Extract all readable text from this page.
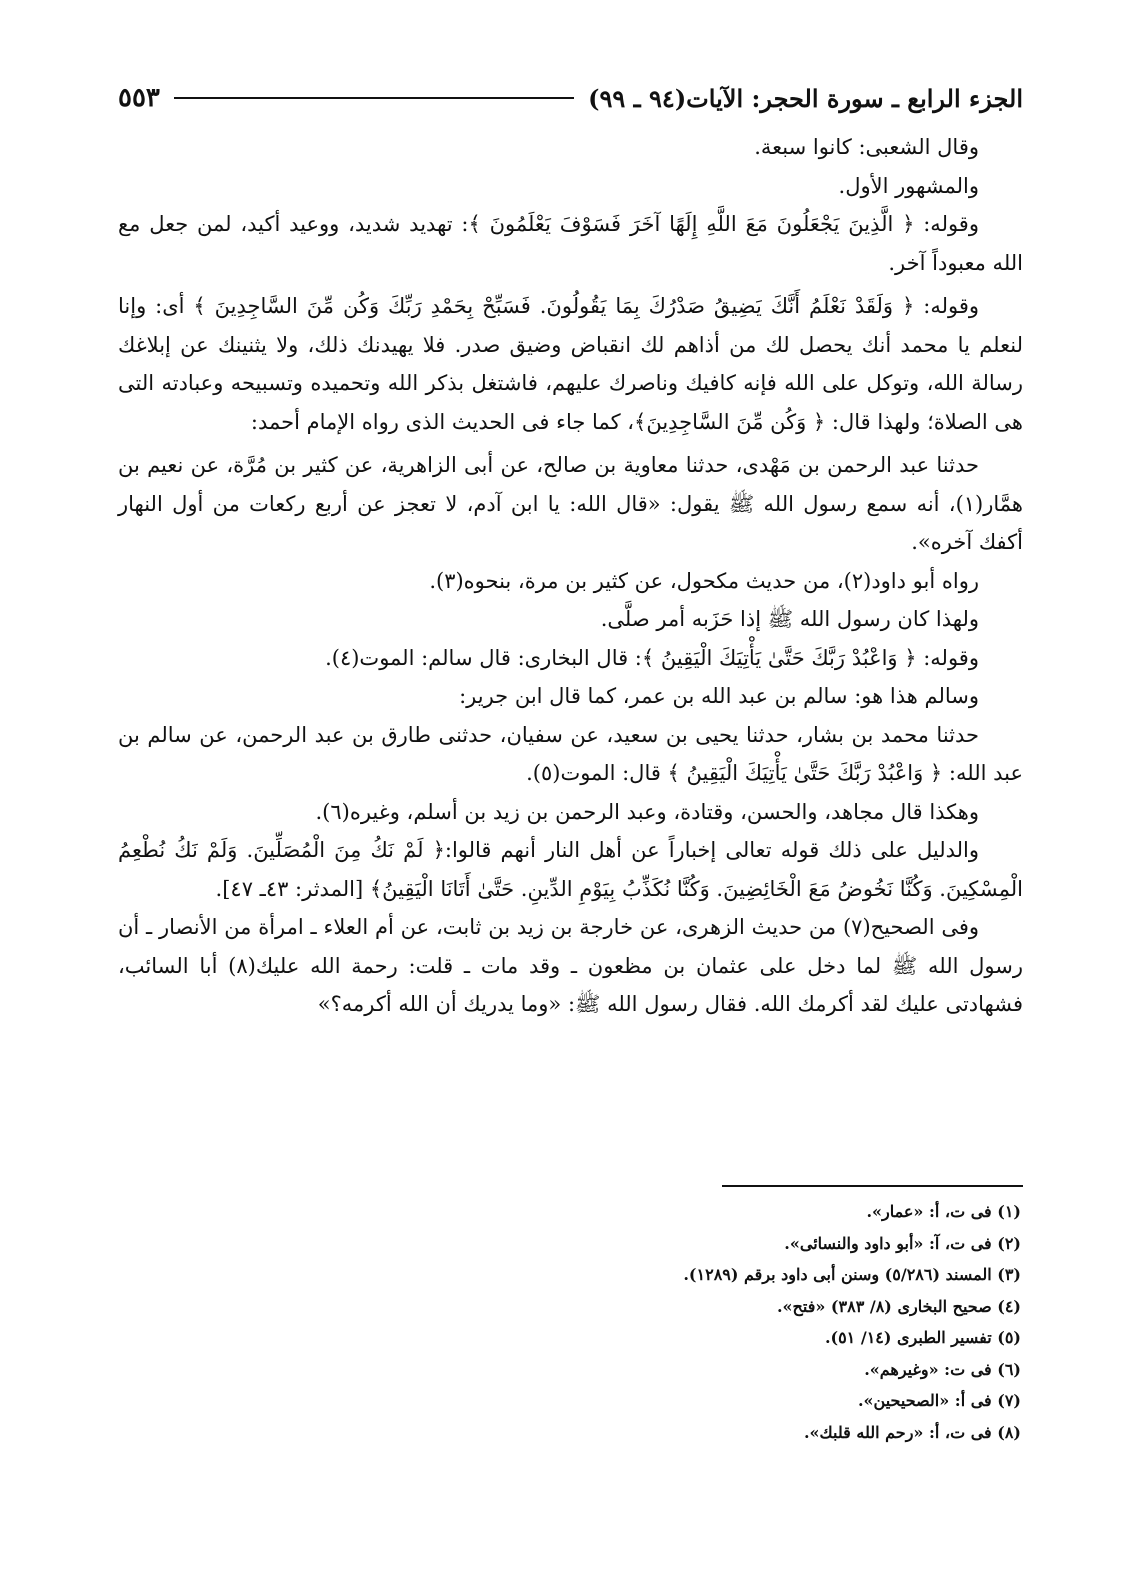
الجزء الرابع ـ سورة الحجر: الآيات(٩٤ ـ ٩٩)
٥٥٣

وقال الشعبى: كانوا سبعة.

والمشهور الأول.

وقوله: ﴿ الَّذِينَ يَجْعَلُونَ مَعَ اللَّهِ إِلَهًا آخَرَ فَسَوْفَ يَعْلَمُونَ ﴾: تهديد شديد، ووعيد أكيد، لمن جعل مع الله معبوداً آخر.

وقوله: ﴿ وَلَقَدْ نَعْلَمُ أَنَّكَ يَضِيقُ صَدْرُكَ بِمَا يَقُولُونَ. فَسَبِّحْ بِحَمْدِ رَبِّكَ وَكُن مِّنَ السَّاجِدِينَ ﴾ أى: وإنا لنعلم يا محمد أنك يحصل لك من أذاهم لك انقباض وضيق صدر. فلا يهيدنك ذلك، ولا يثنينك عن إبلاغك رسالة الله، وتوكل على الله فإنه كافيك وناصرك عليهم، فاشتغل بذكر الله وتحميده وتسبيحه وعبادته التى هى الصلاة؛ ولهذا قال: ﴿ وَكُن مِّنَ السَّاجِدِينَ﴾، كما جاء فى الحديث الذى رواه الإمام أحمد:

حدثنا عبد الرحمن بن مَهْدى، حدثنا معاوية بن صالح، عن أبى الزاهرية، عن كثير بن مُرَّة، عن نعيم بن همَّار(١)، أنه سمع رسول الله ﷺ يقول: «قال الله: يا ابن آدم، لا تعجز عن أربع ركعات من أول النهار أكفك آخره».

رواه أبو داود(٢)، من حديث مكحول، عن كثير بن مرة، بنحوه(٣).

ولهذا كان رسول الله ﷺ إذا حَزَبه أمر صلَّى.

وقوله: ﴿ وَاعْبُدْ رَبَّكَ حَتَّىٰ يَأْتِيَكَ الْيَقِينُ ﴾: قال البخارى: قال سالم: الموت(٤).

وسالم هذا هو: سالم بن عبد الله بن عمر، كما قال ابن جرير:

حدثنا محمد بن بشار، حدثنا يحيى بن سعيد، عن سفيان، حدثنى طارق بن عبد الرحمن، عن سالم بن عبد الله: ﴿ وَاعْبُدْ رَبَّكَ حَتَّىٰ يَأْتِيَكَ الْيَقِينُ ﴾ قال: الموت(٥).

وهكذا قال مجاهد، والحسن، وقتادة، وعبد الرحمن بن زيد بن أسلم، وغيره(٦).

والدليل على ذلك قوله تعالى إخباراً عن أهل النار أنهم قالوا:﴿ لَمْ نَكُ مِنَ الْمُصَلِّينَ. وَلَمْ نَكُ نُطْعِمُ الْمِسْكِينَ. وَكُنَّا نَخُوضُ مَعَ الْخَائِضِينَ. وَكُنَّا نُكَذِّبُ بِيَوْمِ الدِّينِ. حَتَّىٰ أَتَانَا الْيَقِينُ﴾ [المدثر: ٤٣ـ ٤٧].

وفى الصحيح(٧) من حديث الزهرى، عن خارجة بن زيد بن ثابت، عن أم العلاء ـ امرأة من الأنصار ـ أن رسول الله ﷺ لما دخل على عثمان بن مظعون ـ وقد مات ـ قلت: رحمة الله عليك(٨) أبا السائب، فشهادتى عليك لقد أكرمك الله. فقال رسول الله ﷺ: «وما يدريك أن الله أكرمه؟»

(١) فى ت، أ: «عمار».
(٢) فى ت، آ: «أبو داود والنسائى».
(٣) المسند (٥/٢٨٦) وسنن أبى داود برقم (١٢٨٩).
(٤) صحيح البخارى (٨/ ٣٨٣) «فتح».
(٥) تفسير الطبرى (١٤/ ٥١).
(٦) فى ت: «وغيرهم».
(٧) فى أ: «الصحيحين».
(٨) فى ت، أ: «رحم الله قلبك».
